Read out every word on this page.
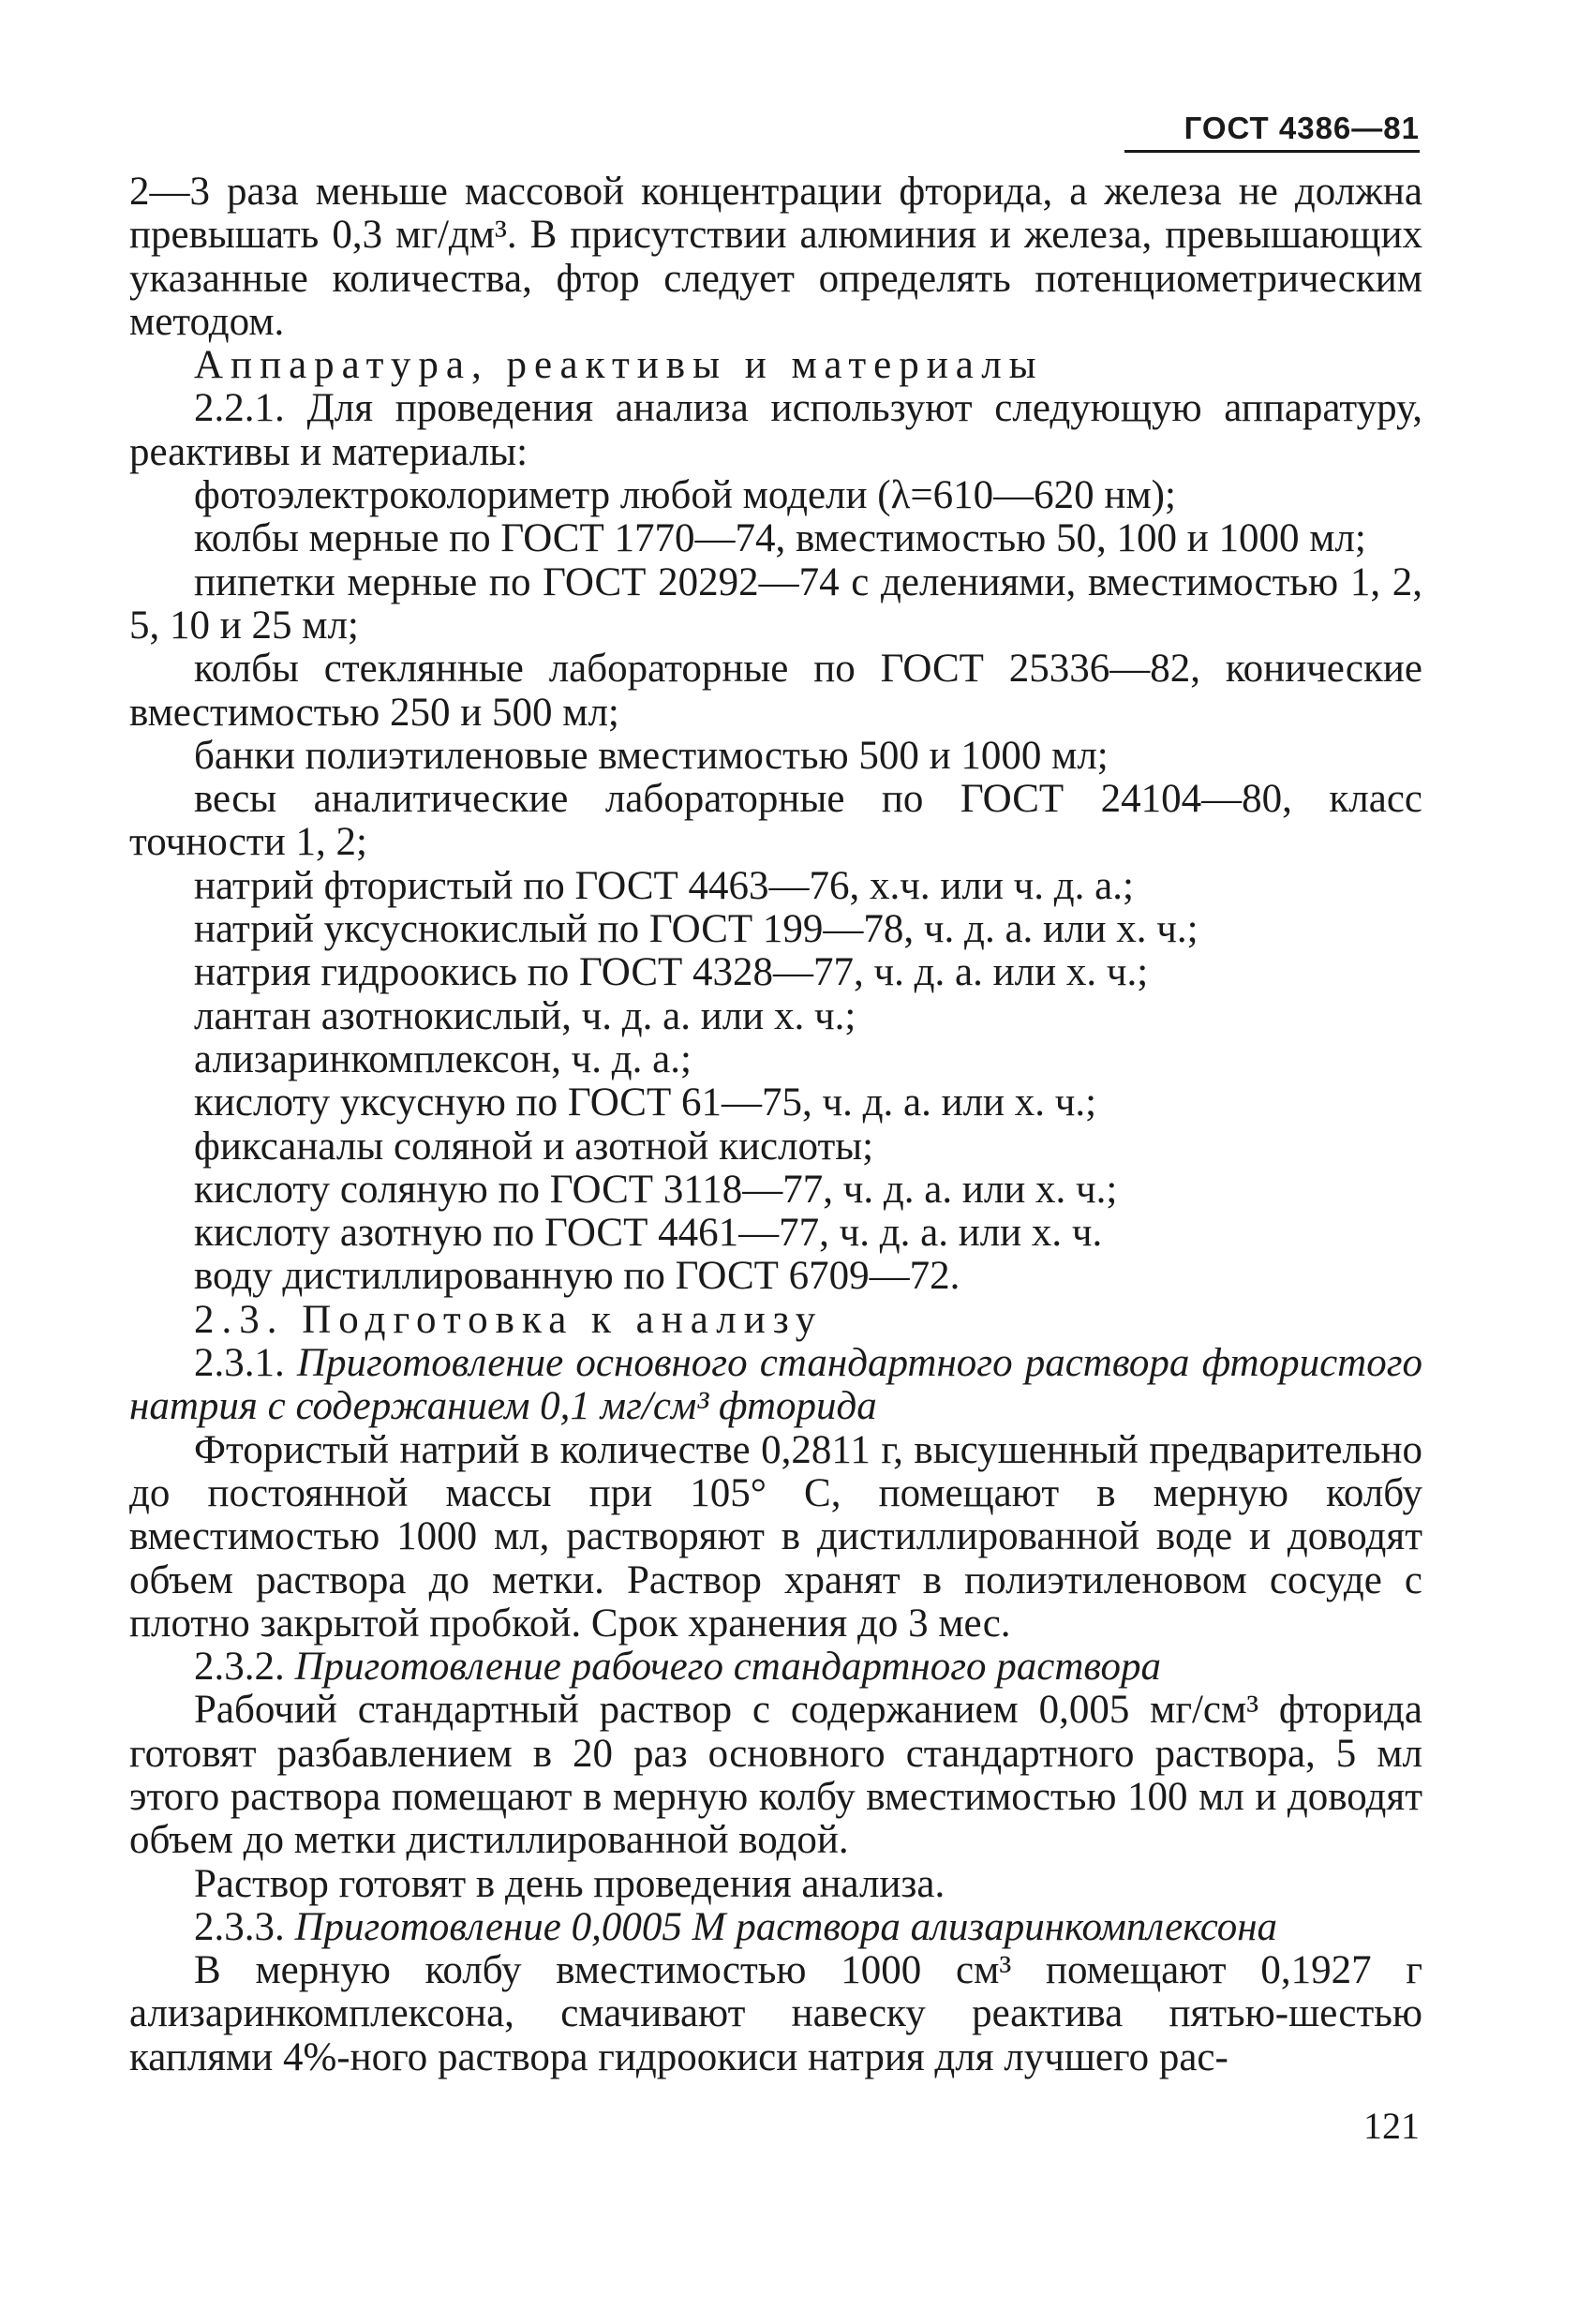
ГОСТ 4386—81

2—3 раза меньше массовой концентрации фторида, а железа не должна превышать 0,3 мг/дм³. В присутствии алюминия и железа, превышающих указанные количества, фтор следует определять потенциометрическим методом.

Аппаратура, реактивы и материалы

2.2.1. Для проведения анализа используют следующую аппаратуру, реактивы и материалы:

фотоэлектроколориметр любой модели (λ=610—620 нм);

колбы мерные по ГОСТ 1770—74, вместимостью 50, 100 и 1000 мл;

пипетки мерные по ГОСТ 20292—74 с делениями, вместимостью 1, 2, 5, 10 и 25 мл;

колбы стеклянные лабораторные по ГОСТ 25336—82, конические вместимостью 250 и 500 мл;

банки полиэтиленовые вместимостью 500 и 1000 мл;

весы аналитические лабораторные по ГОСТ 24104—80, класс точности 1, 2;

натрий фтористый по ГОСТ 4463—76, х.ч. или ч. д. а.;

натрий уксуснокислый по ГОСТ 199—78, ч. д. а. или х. ч.;

натрия гидроокись по ГОСТ 4328—77, ч. д. а. или х. ч.;

лантан азотнокислый, ч. д. а. или х. ч.;

ализаринкомплексон, ч. д. а.;

кислоту уксусную по ГОСТ 61—75, ч. д. а. или х. ч.;

фиксаналы соляной и азотной кислоты;

кислоту соляную по ГОСТ 3118—77, ч. д. а. или х. ч.;

кислоту азотную по ГОСТ 4461—77, ч. д. а. или х. ч.

воду дистиллированную по ГОСТ 6709—72.

2.3. Подготовка к анализу

2.3.1. Приготовление основного стандартного раствора фтористого натрия с содержанием 0,1 мг/см³ фторида

Фтористый натрий в количестве 0,2811 г, высушенный предварительно до постоянной массы при 105° С, помещают в мерную колбу вместимостью 1000 мл, растворяют в дистиллированной воде и доводят объем раствора до метки. Раствор хранят в полиэтиленовом сосуде с плотно закрытой пробкой. Срок хранения до 3 мес.

2.3.2. Приготовление рабочего стандартного раствора

Рабочий стандартный раствор с содержанием 0,005 мг/см³ фторида готовят разбавлением в 20 раз основного стандартного раствора, 5 мл этого раствора помещают в мерную колбу вместимостью 100 мл и доводят объем до метки дистиллированной водой.

Раствор готовят в день проведения анализа.

2.3.3. Приготовление 0,0005 М раствора ализаринкомплексона

В мерную колбу вместимостью 1000 см³ помещают 0,1927 г ализаринкомплексона, смачивают навеску реактива пятью-шестью каплями 4%-ного раствора гидроокиси натрия для лучшего рас-

121
